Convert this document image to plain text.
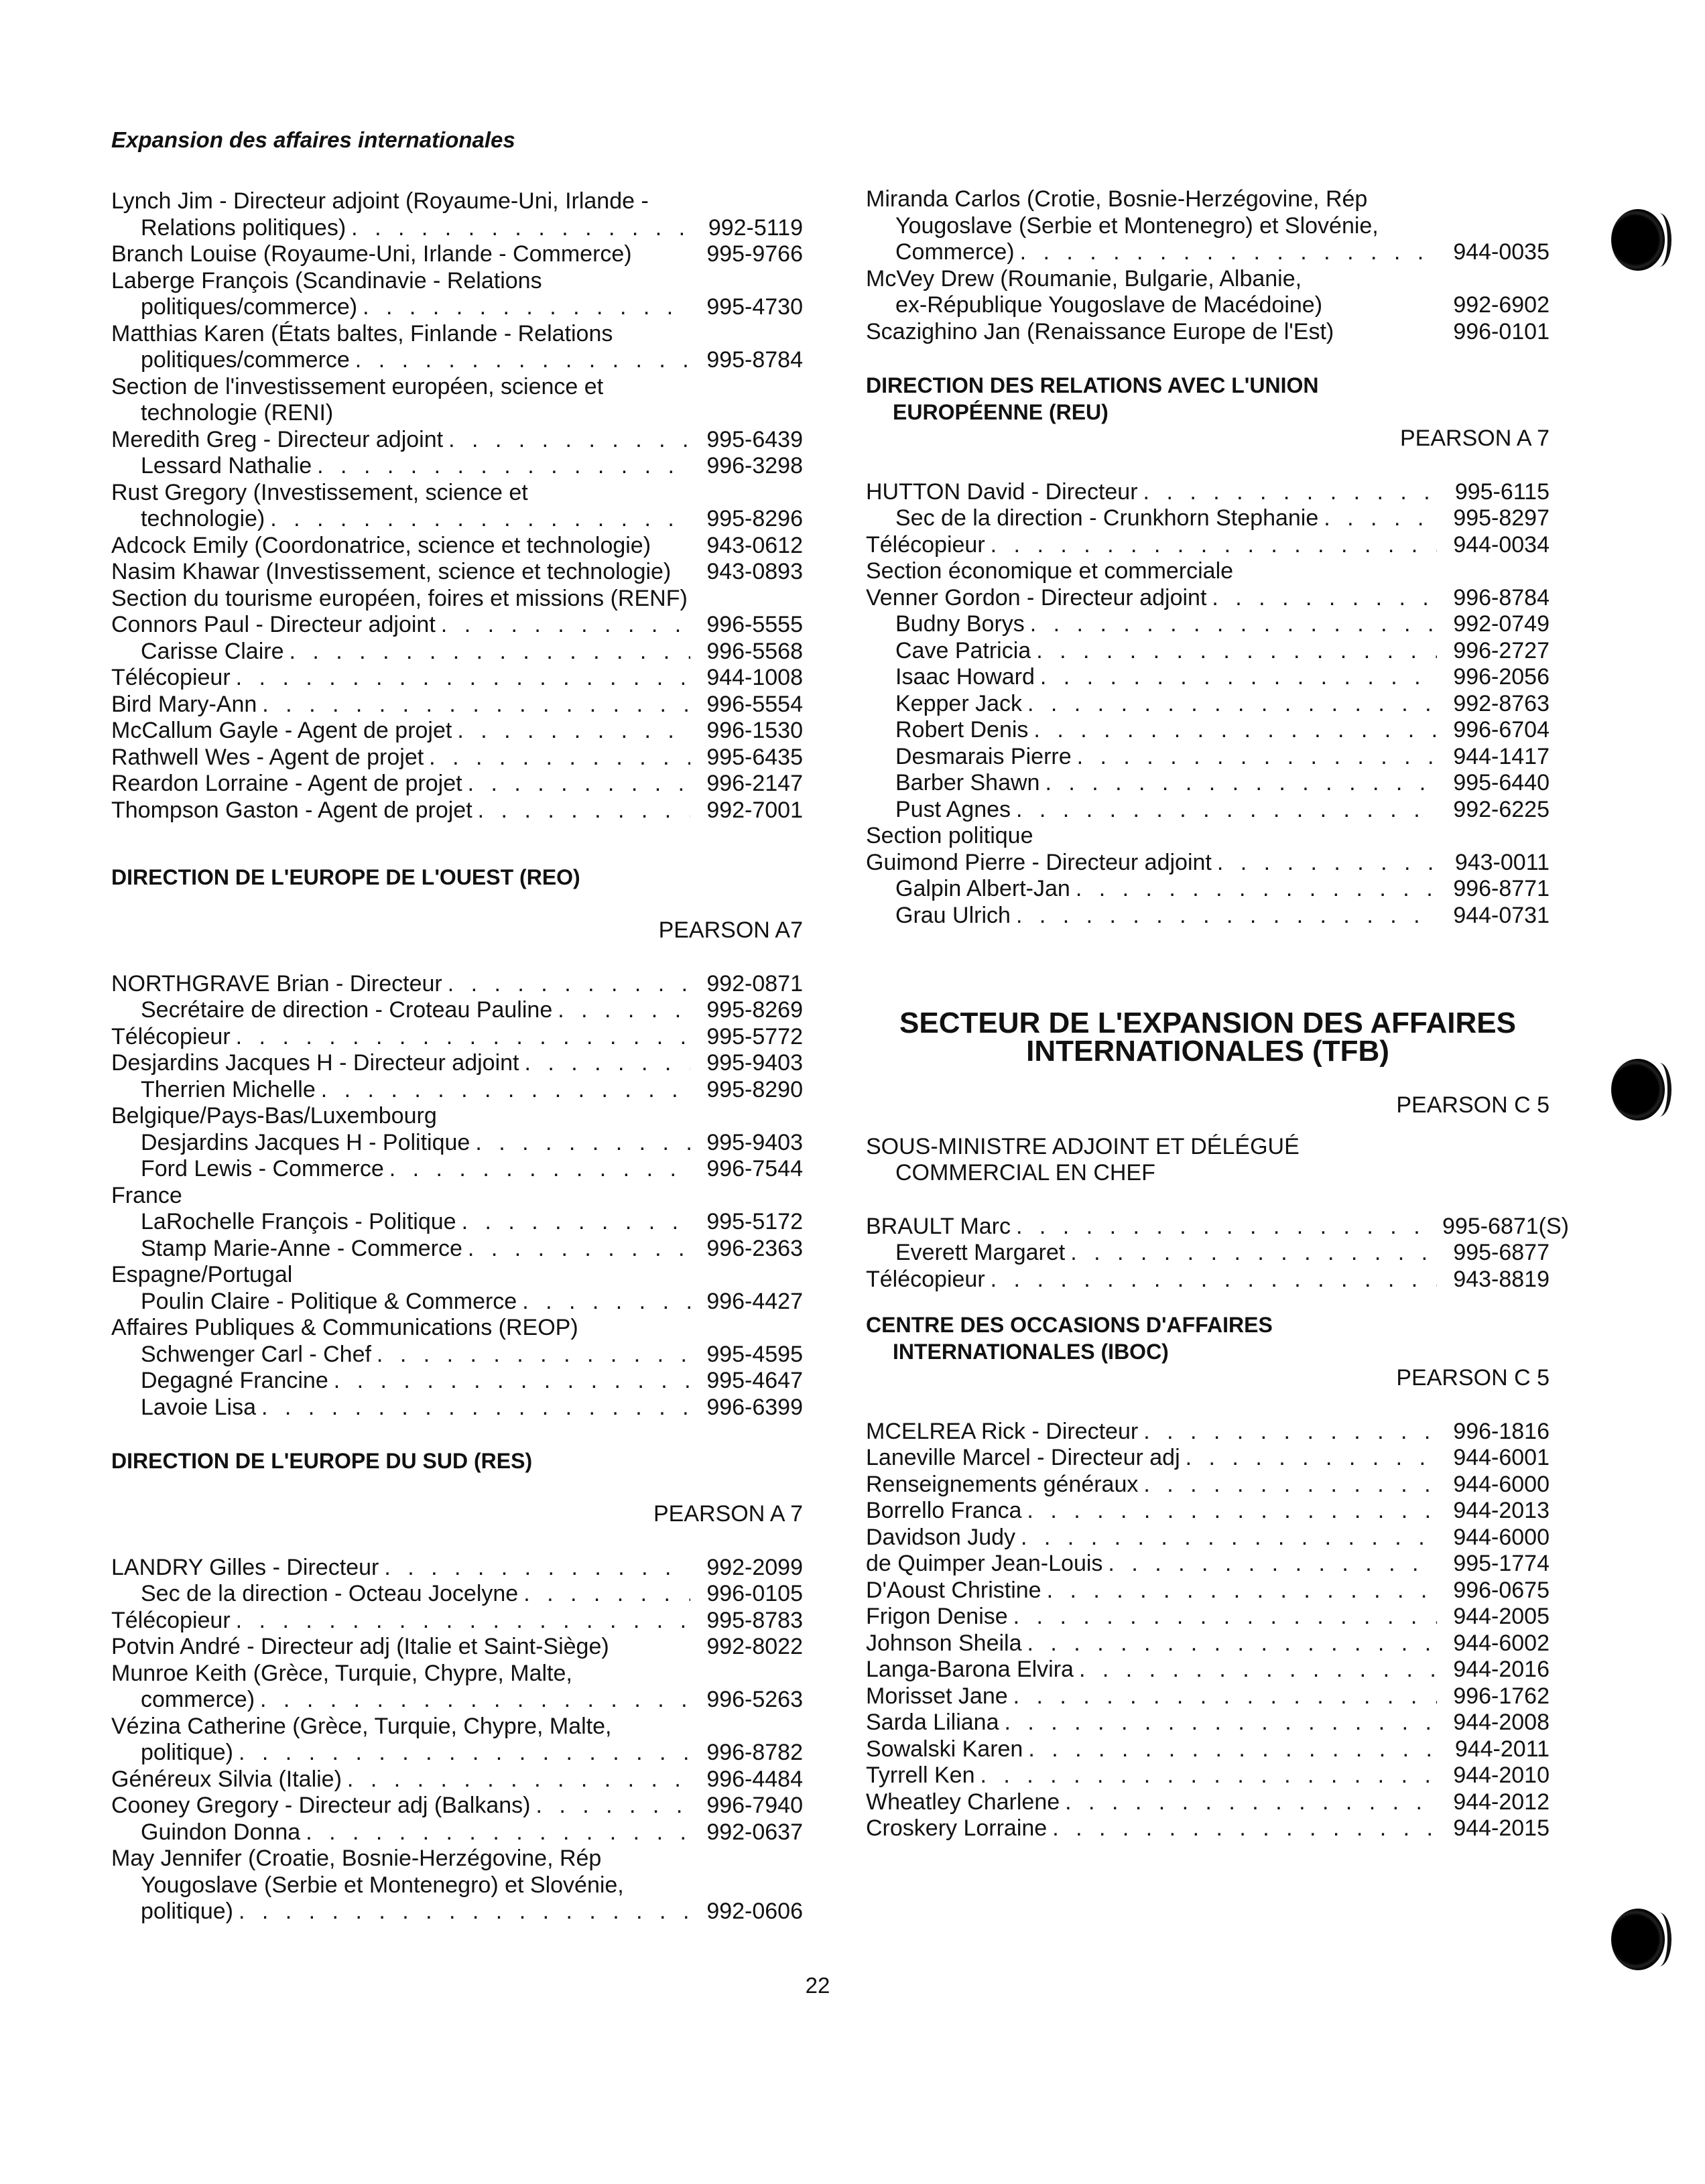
Expansion des affaires internationales
Lynch Jim - Directeur adjoint (Royaume-Uni, Irlande -
Relations politiques) . . .	992-5119
Branch Louise (Royaume-Uni, Irlande - Commerce)	995-9766
Laberge François (Scandinavie - Relations
politiques/commerce) . . .	995-4730
Matthias Karen (États baltes, Finlande - Relations
politiques/commerce . . .	995-8784
Section de l'investissement européen, science et
technologie (RENI)
Meredith Greg - Directeur adjoint . . .	995-6439
Lessard Nathalie . . .	996-3298
Rust Gregory (Investissement, science et
technologie) . . .	995-8296
Adcock Emily (Coordonatrice, science et technologie)	943-0612
Nasim Khawar (Investissement, science et technologie)	943-0893
Section du tourisme européen, foires et missions (RENF)
Connors Paul - Directeur adjoint . . .	996-5555
Carisse Claire . . .	996-5568
Télécopieur . . .	944-1008
Bird Mary-Ann . . .	996-5554
McCallum Gayle - Agent de projet . . .	996-1530
Rathwell Wes - Agent de projet . . .	995-6435
Reardon Lorraine - Agent de projet . . .	996-2147
Thompson Gaston - Agent de projet . . .	992-7001
DIRECTION DE L'EUROPE DE L'OUEST (REO)
PEARSON A7
NORTHGRAVE Brian - Directeur . . .	992-0871
Secrétaire de direction - Croteau Pauline . . .	995-8269
Télécopieur . . .	995-5772
Desjardins Jacques H - Directeur adjoint . . .	995-9403
Therrien Michelle . . .	995-8290
Belgique/Pays-Bas/Luxembourg
Desjardins Jacques H - Politique . . .	995-9403
Ford Lewis - Commerce . . .	996-7544
France
LaRochelle François - Politique . . .	995-5172
Stamp Marie-Anne - Commerce . . .	996-2363
Espagne/Portugal
Poulin Claire - Politique & Commerce . . .	996-4427
Affaires Publiques & Communications (REOP)
Schwenger Carl - Chef . . .	995-4595
Degagné Francine . . .	995-4647
Lavoie Lisa . . .	996-6399
DIRECTION DE L'EUROPE DU SUD (RES)
PEARSON A 7
LANDRY Gilles - Directeur . . .	992-2099
Sec de la direction - Octeau Jocelyne . . .	996-0105
Télécopieur . . .	995-8783
Potvin André - Directeur adj (Italie et Saint-Siège)	992-8022
Munroe Keith (Grèce, Turquie, Chypre, Malte,
commerce) . . .	996-5263
Vézina Catherine (Grèce, Turquie, Chypre, Malte,
politique) . . .	996-8782
Généreux Silvia (Italie) . . .	996-4484
Cooney Gregory - Directeur adj (Balkans) . . .	996-7940
Guindon Donna . . .	992-0637
May Jennifer (Croatie, Bosnie-Herzégovine, Rép
Yougoslave (Serbie et Montenegro) et Slovénie,
politique) . . .	992-0606
Miranda Carlos (Crotie, Bosnie-Herzégovine, Rép
Yougoslave (Serbie et Montenegro) et Slovénie,
Commerce) . . .	944-0035
McVey Drew (Roumanie, Bulgarie, Albanie,
ex-République Yougoslave de Macédoine)	992-6902
Scazighino Jan (Renaissance Europe de l'Est)	996-0101
DIRECTION DES RELATIONS AVEC L'UNION
EUROPÉENNE (REU)
PEARSON A 7
HUTTON David - Directeur . . .	995-6115
Sec de la direction - Crunkhorn Stephanie . . .	995-8297
Télécopieur . . .	944-0034
Section économique et commerciale
Venner Gordon - Directeur adjoint . . .	996-8784
Budny Borys . . .	992-0749
Cave Patricia . . .	996-2727
Isaac Howard . . .	996-2056
Kepper Jack . . .	992-8763
Robert Denis . . .	996-6704
Desmarais Pierre . . .	944-1417
Barber Shawn . . .	995-6440
Pust Agnes . . .	992-6225
Section politique
Guimond Pierre - Directeur adjoint . . .	943-0011
Galpin Albert-Jan . . .	996-8771
Grau Ulrich . . .	944-0731
SECTEUR DE L'EXPANSION DES AFFAIRES
INTERNATIONALES (TFB)
PEARSON C 5
SOUS-MINISTRE ADJOINT ET DÉLÉGUÉ
COMMERCIAL EN CHEF
BRAULT Marc . . .	995-6871(S)
Everett Margaret . . .	995-6877
Télécopieur . . .	943-8819
CENTRE DES OCCASIONS D'AFFAIRES
INTERNATIONALES (IBOC)
PEARSON C 5
MCELREA Rick - Directeur . . .	996-1816
Laneville Marcel - Directeur adj . . .	944-6001
Renseignements généraux . . .	944-6000
Borrello Franca . . .	944-2013
Davidson Judy . . .	944-6000
de Quimper Jean-Louis . . .	995-1774
D'Aoust Christine . . .	996-0675
Frigon Denise . . .	944-2005
Johnson Sheila . . .	944-6002
Langa-Barona Elvira . . .	944-2016
Morisset Jane . . .	996-1762
Sarda Liliana . . .	944-2008
Sowalski Karen . . .	944-2011
Tyrrell Ken . . .	944-2010
Wheatley Charlene . . .	944-2012
Croskery Lorraine . . .	944-2015
22
